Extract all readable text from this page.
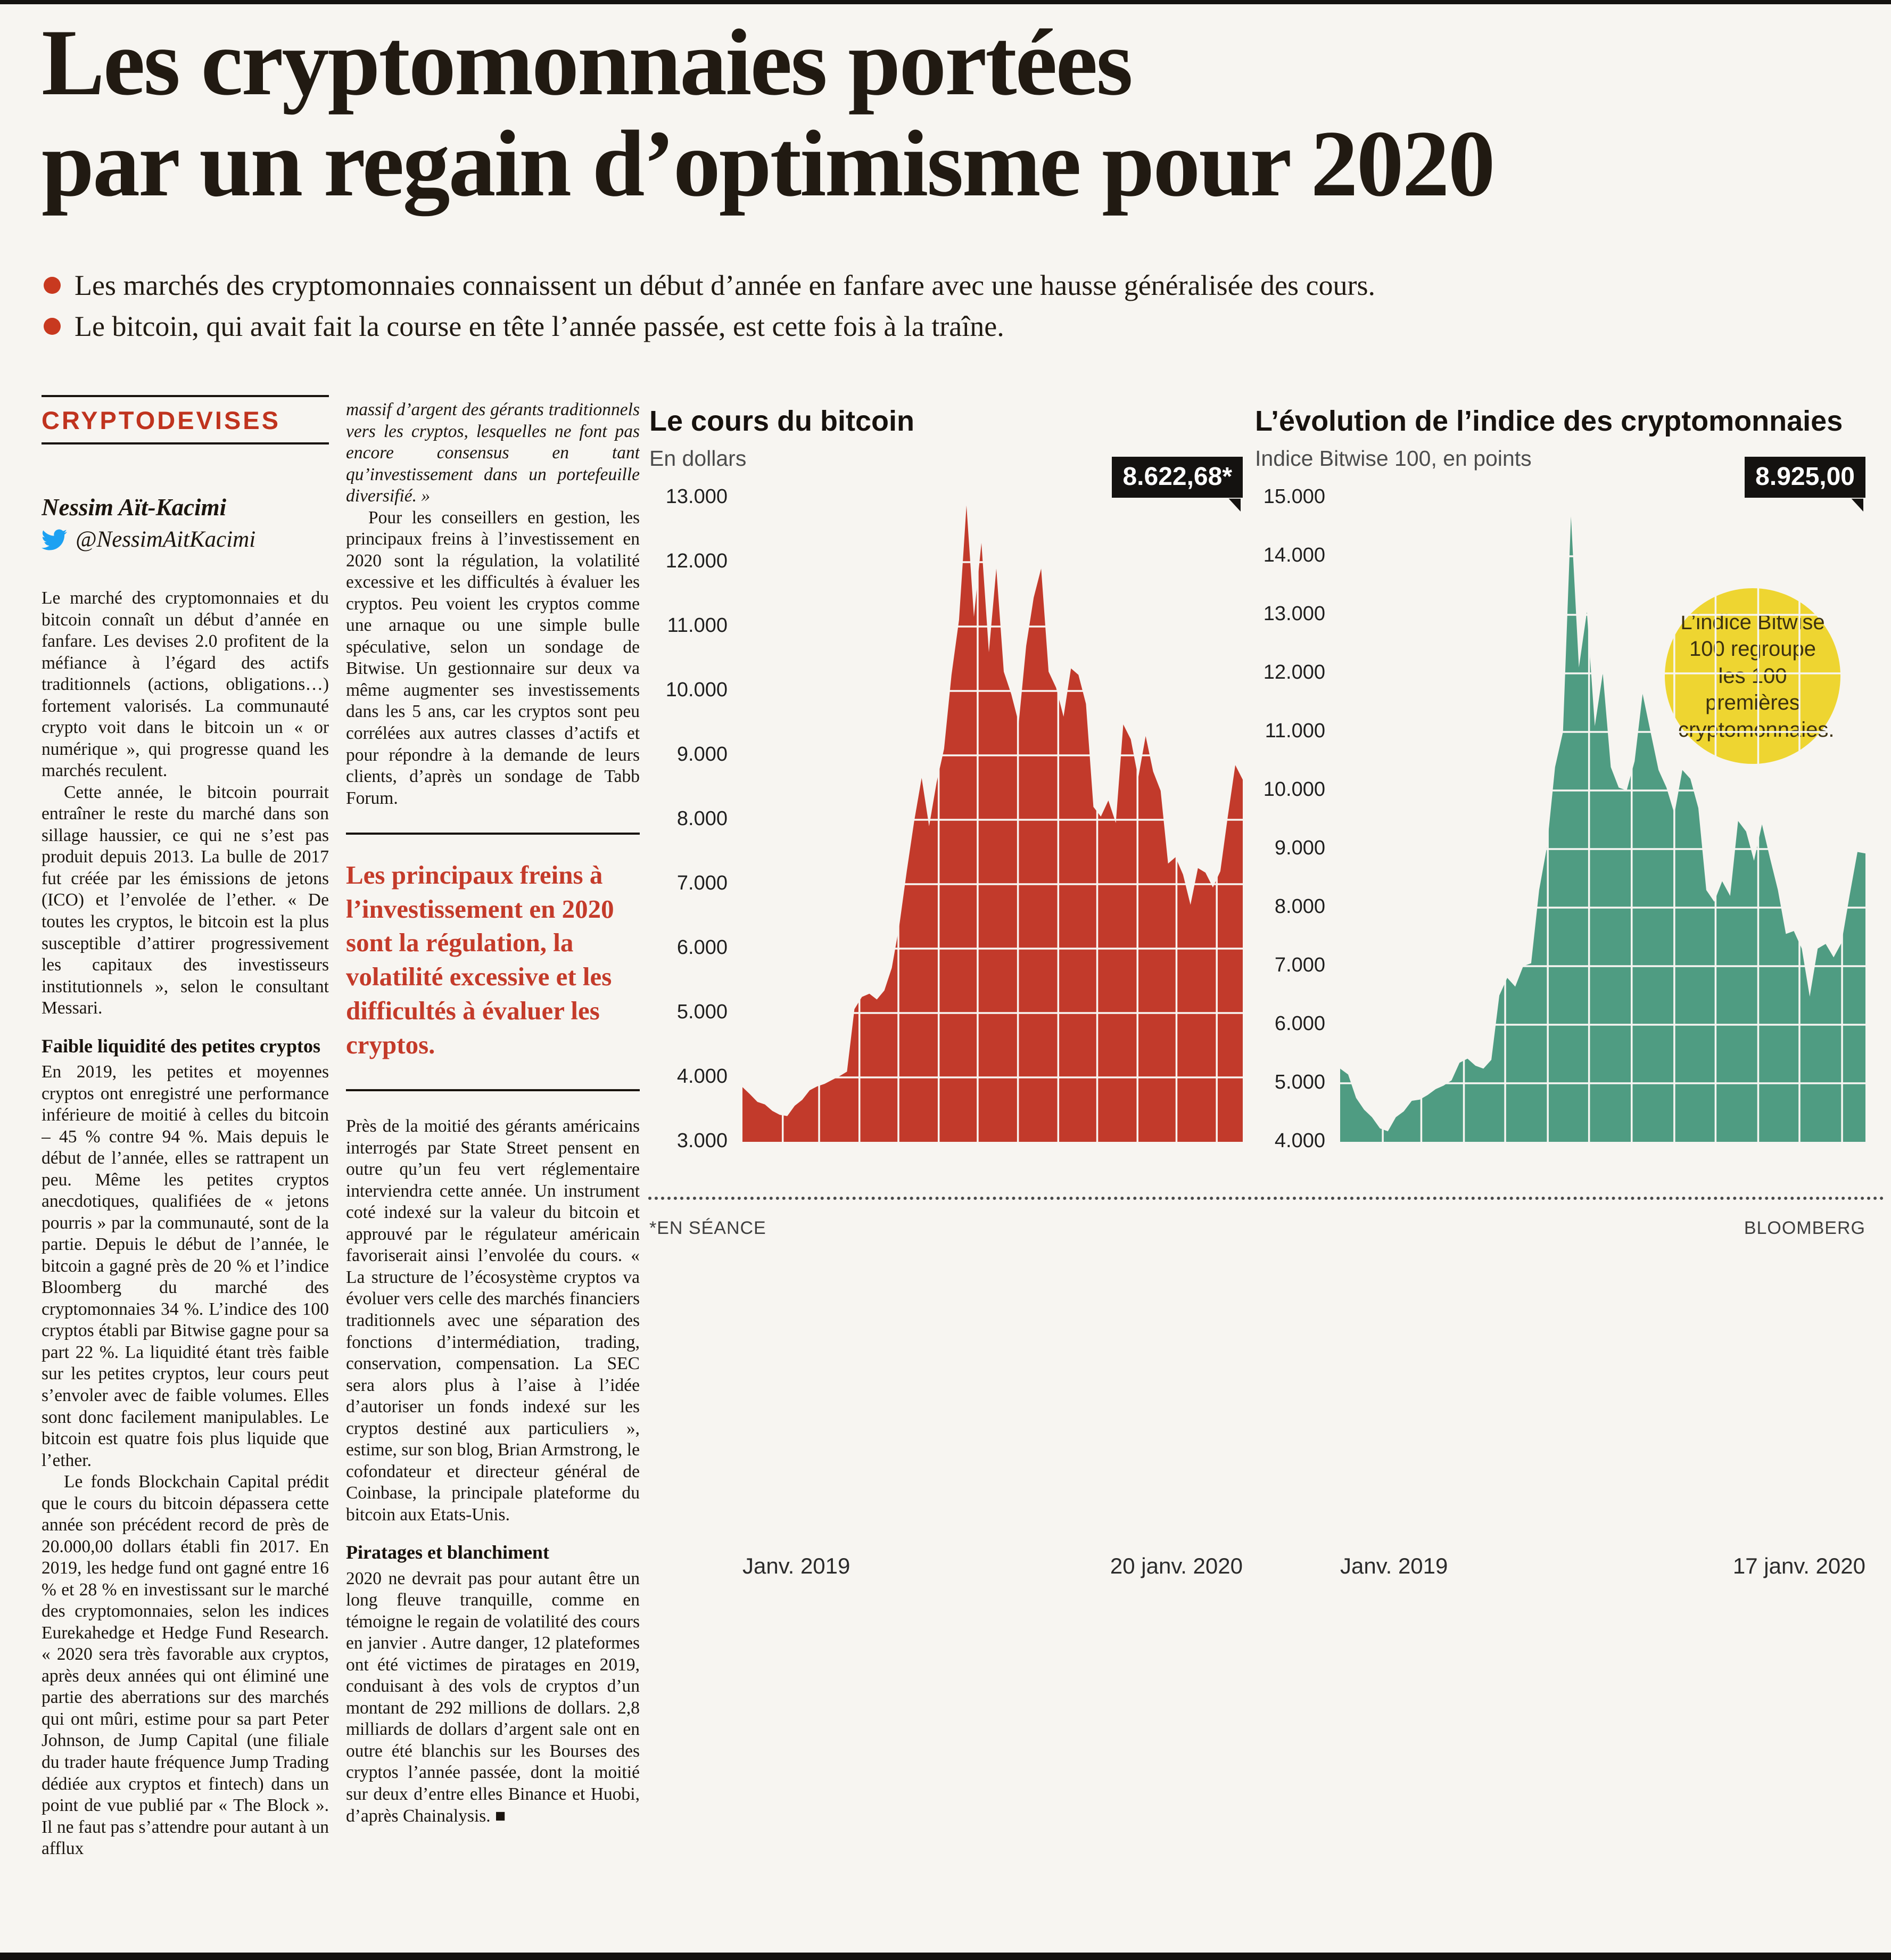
Les cryptomonnaies portées
par un regain d’optimisme pour 2020
Les marchés des cryptomonnaies connaissent un début d’année en fanfare avec une hausse généralisée des cours.
Le bitcoin, qui avait fait la course en tête l’année passée, est cette fois à la traîne.
CRYPTODEVISES
Nessim Aït-Kacimi
@NessimAitKacimi

Le marché des cryptomonnaies et du bitcoin connaît un début d’année en fanfare. Les devises 2.0 profitent de la méfiance à l’égard des actifs traditionnels (actions, obligations…) fortement valorisés. La communauté crypto voit dans le bitcoin un « or numérique », qui progresse quand les marchés reculent.

Cette année, le bitcoin pourrait entraîner le reste du marché dans son sillage haussier, ce qui ne s’est pas produit depuis 2013. La bulle de 2017 fut créée par les émissions de jetons (ICO) et l’envolée de l’ether. « De toutes les cryptos, le bitcoin est la plus susceptible d’attirer progressivement les capitaux des investisseurs institutionnels », selon le consultant Messari.

Faible liquidité des petites cryptos

En 2019, les petites et moyennes cryptos ont enregistré une performance inférieure de moitié à celles du bitcoin – 45 % contre 94 %. Mais depuis le début de l’année, elles se rattrapent un peu. Même les petites cryptos anecdotiques, qualifiées de « jetons pourris » par la communauté, sont de la partie. Depuis le début de l’année, le bitcoin a gagné près de 20 % et l’indice Bloomberg du marché des cryptomonnaies 34 %. L’indice des 100 cryptos établi par Bitwise gagne pour sa part 22 %. La liquidité étant très faible sur les petites cryptos, leur cours peut s’envoler avec de faible volumes. Elles sont donc facilement manipulables. Le bitcoin est quatre fois plus liquide que l’ether.

Le fonds Blockchain Capital prédit que le cours du bitcoin dépassera cette année son précédent record de près de 20.000,00 dollars établi fin 2017. En 2019, les hedge fund ont gagné entre 16 % et 28 % en investissant sur le marché des cryptomonnaies, selon les indices Eurekahedge et Hedge Fund Research. « 2020 sera très favorable aux cryptos, après deux années qui ont éliminé une partie des aberrations sur des marchés qui ont mûri, estime pour sa part Peter Johnson, de Jump Capital (une filiale du trader haute fréquence Jump Trading dédiée aux cryptos et fintech) dans un point de vue publié par « The Block ». Il ne faut pas s’attendre pour autant à un afflux

massif d’argent des gérants traditionnels vers les cryptos, lesquelles ne font pas encore consensus en tant qu’investissement dans un portefeuille diversifié. »

Pour les conseillers en gestion, les principaux freins à l’investissement en 2020 sont la régulation, la volatilité excessive et les difficultés à évaluer les cryptos. Peu voient les cryptos comme une arnaque ou une simple bulle spéculative, selon un sondage de Bitwise. Un gestionnaire sur deux va même augmenter ses investissements dans les 5 ans, car les cryptos sont peu corrélées aux autres classes d’actifs et pour répondre à la demande de leurs clients, d’après un sondage de Tabb Forum.

Les principaux freins à l’investissement en 2020 sont la régulation, la volatilité excessive et les difficultés à évaluer les cryptos.

Près de la moitié des gérants américains interrogés par State Street pensent en outre qu’un feu vert réglementaire interviendra cette année. Un instrument coté indexé sur la valeur du bitcoin et approuvé par le régulateur américain favoriserait ainsi l’envolée du cours. « La structure de l’écosystème cryptos va évoluer vers celle des marchés financiers traditionnels avec une séparation des fonctions d’intermédiation, trading, conservation, compensation. La SEC sera alors plus à l’aise à l’idée d’autoriser un fonds indexé sur les cryptos destiné aux particuliers », estime, sur son blog, Brian Armstrong, le cofondateur et directeur général de Coinbase, la principale plateforme du bitcoin aux Etats-Unis.

Piratages et blanchiment

2020 ne devrait pas pour autant être un long fleuve tranquille, comme en témoigne le regain de volatilité des cours en janvier . Autre danger, 12 plateformes ont été victimes de piratages en 2019, conduisant à des vols de cryptos d’un montant de 292 millions de dollars. 2,8 milliards de dollars d’argent sale ont en outre été blanchis sur les Bourses des cryptos l’année passée, dont la moitié sur deux d’entre elles Binance et Huobi, d’après Chainalysis. ■

Le cours du bitcoin
En dollars
8.622,68*
Janv. 2019	20 janv. 2020
13.000
12.000
11.000
10.000
9.000
8.000
7.000
6.000
5.000
4.000
3.000
L’évolution de l’indice des cryptomonnaies
Indice Bitwise 100, en points
8.925,00
L’indice Bitwise 100 regroupe les 100 premières cryptomonnaies.
Janv. 2019	17 janv. 2020
15.000
14.000
13.000
12.000
11.000
10.000
9.000
8.000
7.000
6.000
5.000
4.000
*EN SÉANCE	BLOOMBERG
